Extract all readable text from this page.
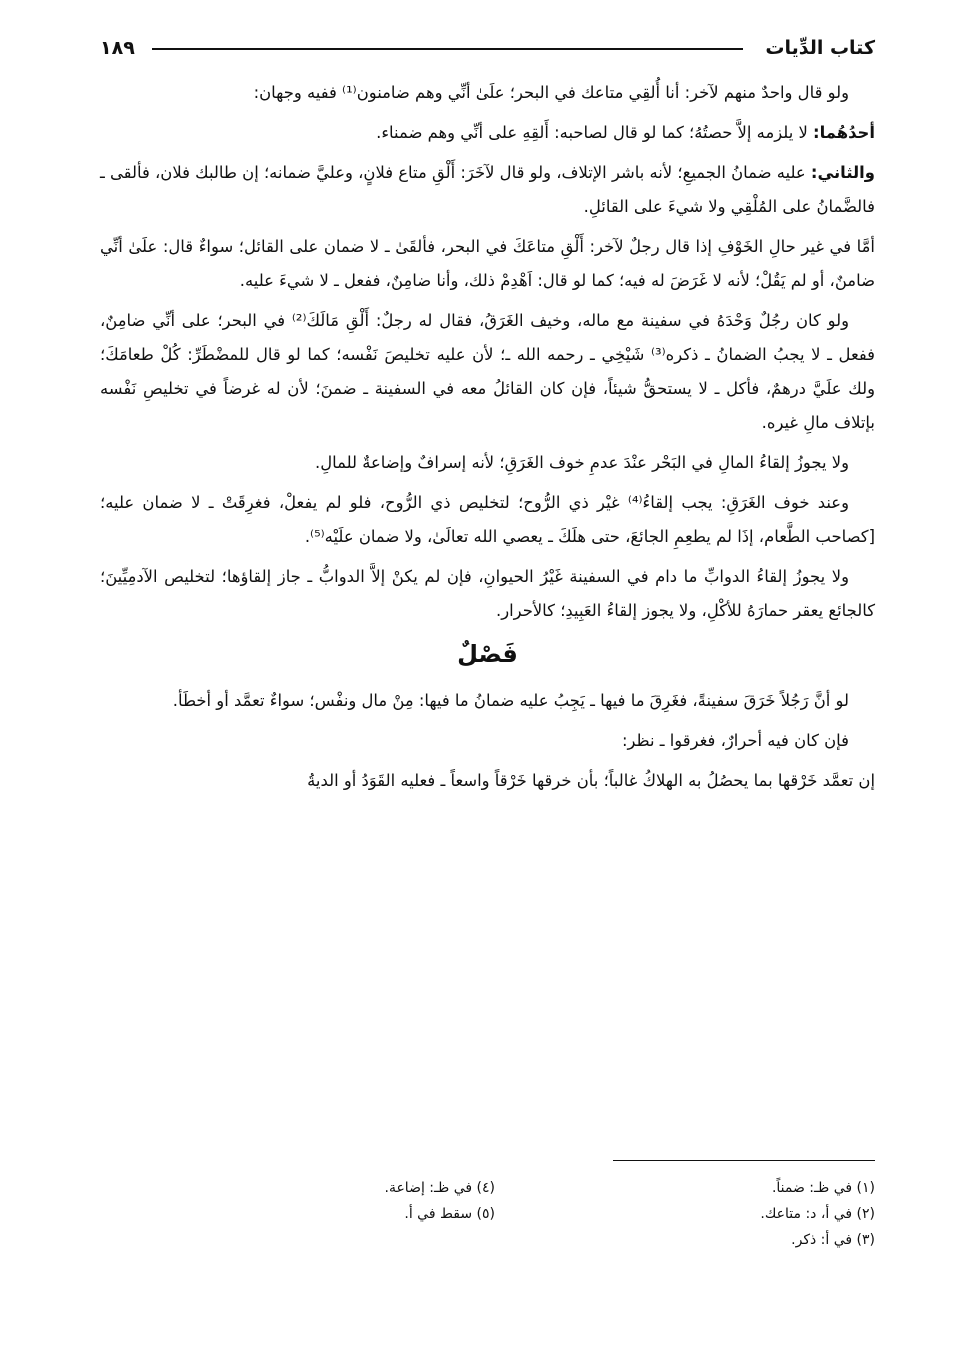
كتاب الدِّيات
١٨٩

ولو قال واحدٌ منهم لآخر: أنا أُلقِي متاعك في البحر؛ علَىٰ أنِّي وهم ضامنون⁽¹⁾ ففيه وجهان:

أحدُهُما: لا يلزمه إلاَّ حصتُهُ؛ كما لو قال لصاحبه: أَلقِهِ على أنِّي وهم ضمناء.

والثاني: عليه ضمانُ الجميعِ؛ لأنه باشر الإتلاف، ولو قال لآخَرَ: أَلْقِ متاع فلانٍ، وعليَّ ضمانه؛ إن طالبك فلان، فألقى ـ فالضَّمانُ على المُلْقِي ولا شيءَ على القائلِ.

أمَّا في غير حالِ الخَوْفِ إذا قال رجلٌ لآخر: أَلْقِ متاعَكَ في البحر، فألقَىٰ ـ لا ضمان على القائل؛ سواءٌ قال: علَىٰ أنِّي ضامنٌ، أو لم يَقُلْ؛ لأنه لا غَرَضَ له فيه؛ كما لو قال: اَهْدِمْ ذلك، وأنا ضامِنٌ، ففعل ـ لا شيءَ عليه.

ولو كان رجُلٌ وَحْدَهُ في سفينة مع ماله، وخيف الغَرَقُ، فقال له رجلٌ: أَلْقِ مَالَكَ⁽²⁾ في البحر؛ على أنِّي ضامِنٌ، ففعل ـ لا يجبُ الضمانُ ـ ذكره⁽³⁾ شَيْخِي ـ رحمه الله ـ؛ لأن عليه تخليصَ نَفْسه؛ كما لو قال للمضْطَرِّ: كُلْ طعامَكَ؛ ولك علَيَّ درهمٌ، فأكل ـ لا يستحقُّ شيئاً، فإن كان القائلُ معه في السفينة ـ ضمنَ؛ لأن له غرضاً في تخليصِ نَفْسه بإتلاف مالِ غيره.

ولا يجوزُ إلقاءُ المالِ في البَحْر عنْدَ عدمِ خوف الغَرَقِ؛ لأنه إسرافٌ وإضاعةٌ للمالِ.

وعند خوف الغَرَقِ: يجب إلقاءُ⁽⁴⁾ غيْر ذي الرُّوح؛ لتخليص ذي الرُّوح، فلو لم يفعلْ، فغرِقَتْ ـ لا ضمان عليه؛ [كصاحب الطَّعام، إذَا لم يطعِمِ الجائعَ، حتى هلَكَ ـ يعصي الله تعالَىٰ، ولا ضمان علَيْه⁽⁵⁾.

ولا يجوزُ إلقاءُ الدوابِّ ما دام في السفينة غَيْرُ الحيوانِ، فإن لم يكنْ إلاَّ الدوابُّ ـ جاز إلقاؤها؛ لتخليص الآدمِيِّينَ؛ كالجائع يعقر حمارَهُ للأكْلِ، ولا يجوز إلقاءُ العَبِيدِ؛ كالأحرار.

فَصْلٌ

لو أنَّ رَجُلاً خَرَقَ سفينةً، فغَرِقَ ما فيها ـ يَجِبُ عليه ضمانُ ما فيها: مِنْ مال ونفْس؛ سواءٌ تعمَّد أو أخطَأ.

فإن كان فيه أحرارٌ، فغرقوا ـ نظر:

إن تعمَّد خَرْقها بما يحصُلُ به الهلاكُ غالباً؛ بأن خرقها خَرْقاً واسعاً ـ فعليه القَوَدُ أو الديةُ

(١) في ظـ: ضمناً.

(٢) في أ، د: متاعك.

(٣) في أ: ذكر.

(٤) في ظـ: إضاعة.

(٥) سقط في أ.
